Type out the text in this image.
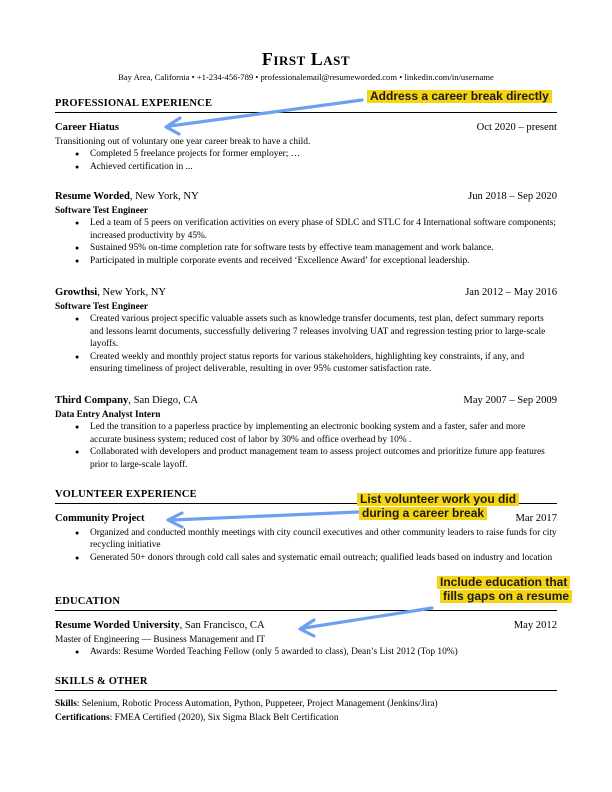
First Last
Bay Area, California • +1-234-456-789 • professionalemail@resumeworded.com • linkedin.com/in/username
PROFESSIONAL EXPERIENCE
Career Hiatus	Oct 2020 – present
Transitioning out of voluntary one year career break to have a child.
● Completed 5 freelance projects for former employer; …
● Achieved certification in ...
Resume Worded, New York, NY	Jun 2018 – Sep 2020
Software Test Engineer
● Led a team of 5 peers on verification activities on every phase of SDLC and STLC for 4 International software components; increased productivity by 45%.
● Sustained 95% on-time completion rate for software tests by effective team management and work balance.
● Participated in multiple corporate events and received ‘Excellence Award’ for exceptional leadership.
Growthsi, New York, NY	Jan 2012 – May 2016
Software Test Engineer
● Created various project specific valuable assets such as knowledge transfer documents, test plan, defect summary reports and lessons learnt documents, successfully delivering 7 releases involving UAT and regression testing prior to large-scale layoffs.
● Created weekly and monthly project status reports for various stakeholders, highlighting key constraints, if any, and ensuring timeliness of project deliverable, resulting in over 95% customer satisfaction rate.
Third Company, San Diego, CA	May 2007 – Sep 2009
Data Entry Analyst Intern
● Led the transition to a paperless practice by implementing an electronic booking system and a faster, safer and more accurate business system; reduced cost of labor by 30% and office overhead by 10% .
● Collaborated with developers and product management team to assess project outcomes and prioritize future app features prior to large-scale layoff.
VOLUNTEER EXPERIENCE
Community Project	Mar 2017
● Organized and conducted monthly meetings with city council executives and other community leaders to raise funds for city recycling initiative
● Generated 50+ donors through cold call sales and systematic email outreach; qualified leads based on industry and location
EDUCATION
Resume Worded University, San Francisco, CA	May 2012
Master of Engineering — Business Management and IT
● Awards: Resume Worded Teaching Fellow (only 5 awarded to class), Dean’s List 2012 (Top 10%)
SKILLS & OTHER
Skills: Selenium, Robotic Process Automation, Python, Puppeteer, Project Management (Jenkins/Jira)
Certifications: FMEA Certified (2020), Six Sigma Black Belt Certification
Address a career break directly
List volunteer work you did
during a career break
Include education that
fills gaps on a resume
